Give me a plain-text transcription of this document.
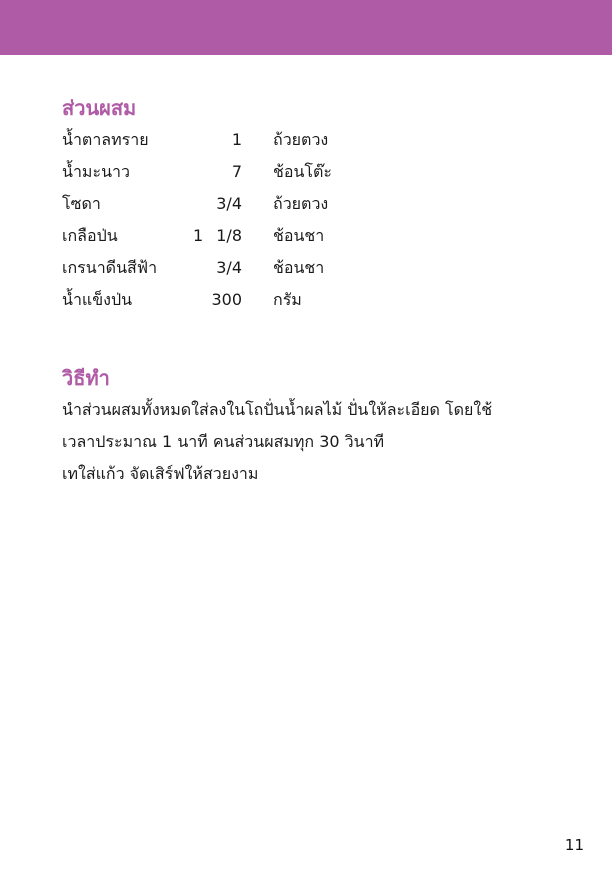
ส่วนผสม
น้ำตาลทราย	1 ถ้วยตวง
น้ำมะนาว	7 ช้อนโต๊ะ
โซดา	3/4 ถ้วยตวง
เกลือป่น	1 1/8 ช้อนชา
เกรนาดีนสีฟ้า	3/4 ช้อนชา
น้ำแข็งป่น	300 กรัม
วิธีทำ
นำส่วนผสมทั้งหมดใส่ลงในโถปั่นน้ำผลไม้ ปั่นให้ละเอียด โดยใช้
เวลาประมาณ 1 นาที คนส่วนผสมทุก 30 วินาที
เทใส่แก้ว จัดเสิร์ฟให้สวยงาม
11
